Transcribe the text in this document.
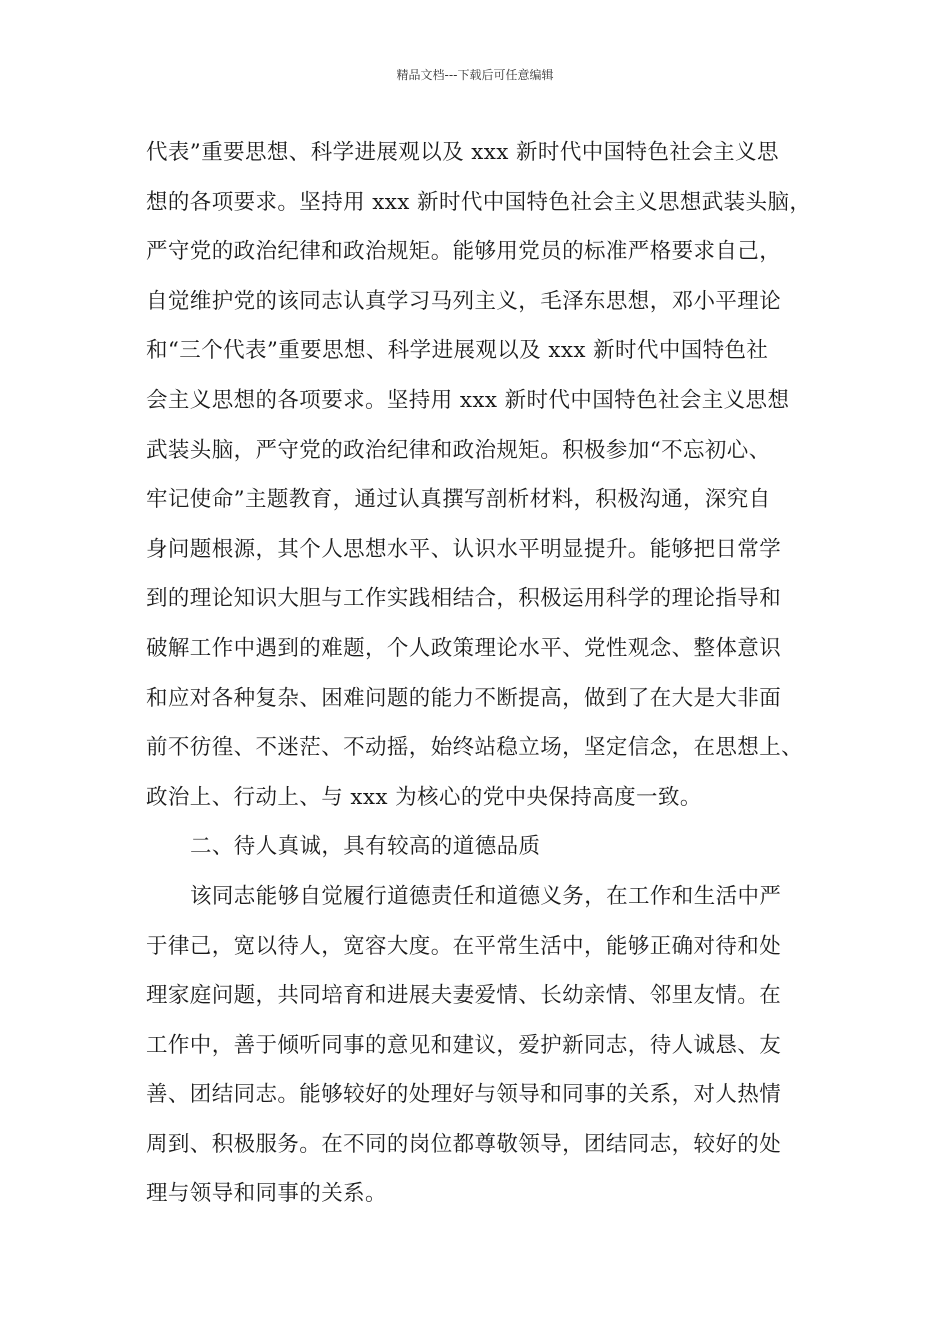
精品文档---下载后可任意编辑
代表”重要思想、科学进展观以及 xxx 新时代中国特色社会主义思
想的各项要求。坚持用 xxx 新时代中国特色社会主义思想武装头脑，
严守党的政治纪律和政治规矩。能够用党员的标准严格要求自己，
自觉维护党的该同志认真学习马列主义，毛泽东思想，邓小平理论
和“三个代表”重要思想、科学进展观以及 xxx 新时代中国特色社
会主义思想的各项要求。坚持用 xxx 新时代中国特色社会主义思想
武装头脑，严守党的政治纪律和政治规矩。积极参加“不忘初心、
牢记使命”主题教育，通过认真撰写剖析材料，积极沟通，深究自
身问题根源，其个人思想水平、认识水平明显提升。能够把日常学
到的理论知识大胆与工作实践相结合，积极运用科学的理论指导和
破解工作中遇到的难题，个人政策理论水平、党性观念、整体意识
和应对各种复杂、困难问题的能力不断提高，做到了在大是大非面
前不彷徨、不迷茫、不动摇，始终站稳立场，坚定信念，在思想上、
政治上、行动上、与 xxx 为核心的党中央保持高度一致。
二、待人真诚，具有较高的道德品质
该同志能够自觉履行道德责任和道德义务，在工作和生活中严
于律己，宽以待人，宽容大度。在平常生活中，能够正确对待和处
理家庭问题，共同培育和进展夫妻爱情、长幼亲情、邻里友情。在
工作中，善于倾听同事的意见和建议，爱护新同志，待人诚恳、友
善、团结同志。能够较好的处理好与领导和同事的关系，对人热情
周到、积极服务。在不同的岗位都尊敬领导，团结同志，较好的处
理与领导和同事的关系。
